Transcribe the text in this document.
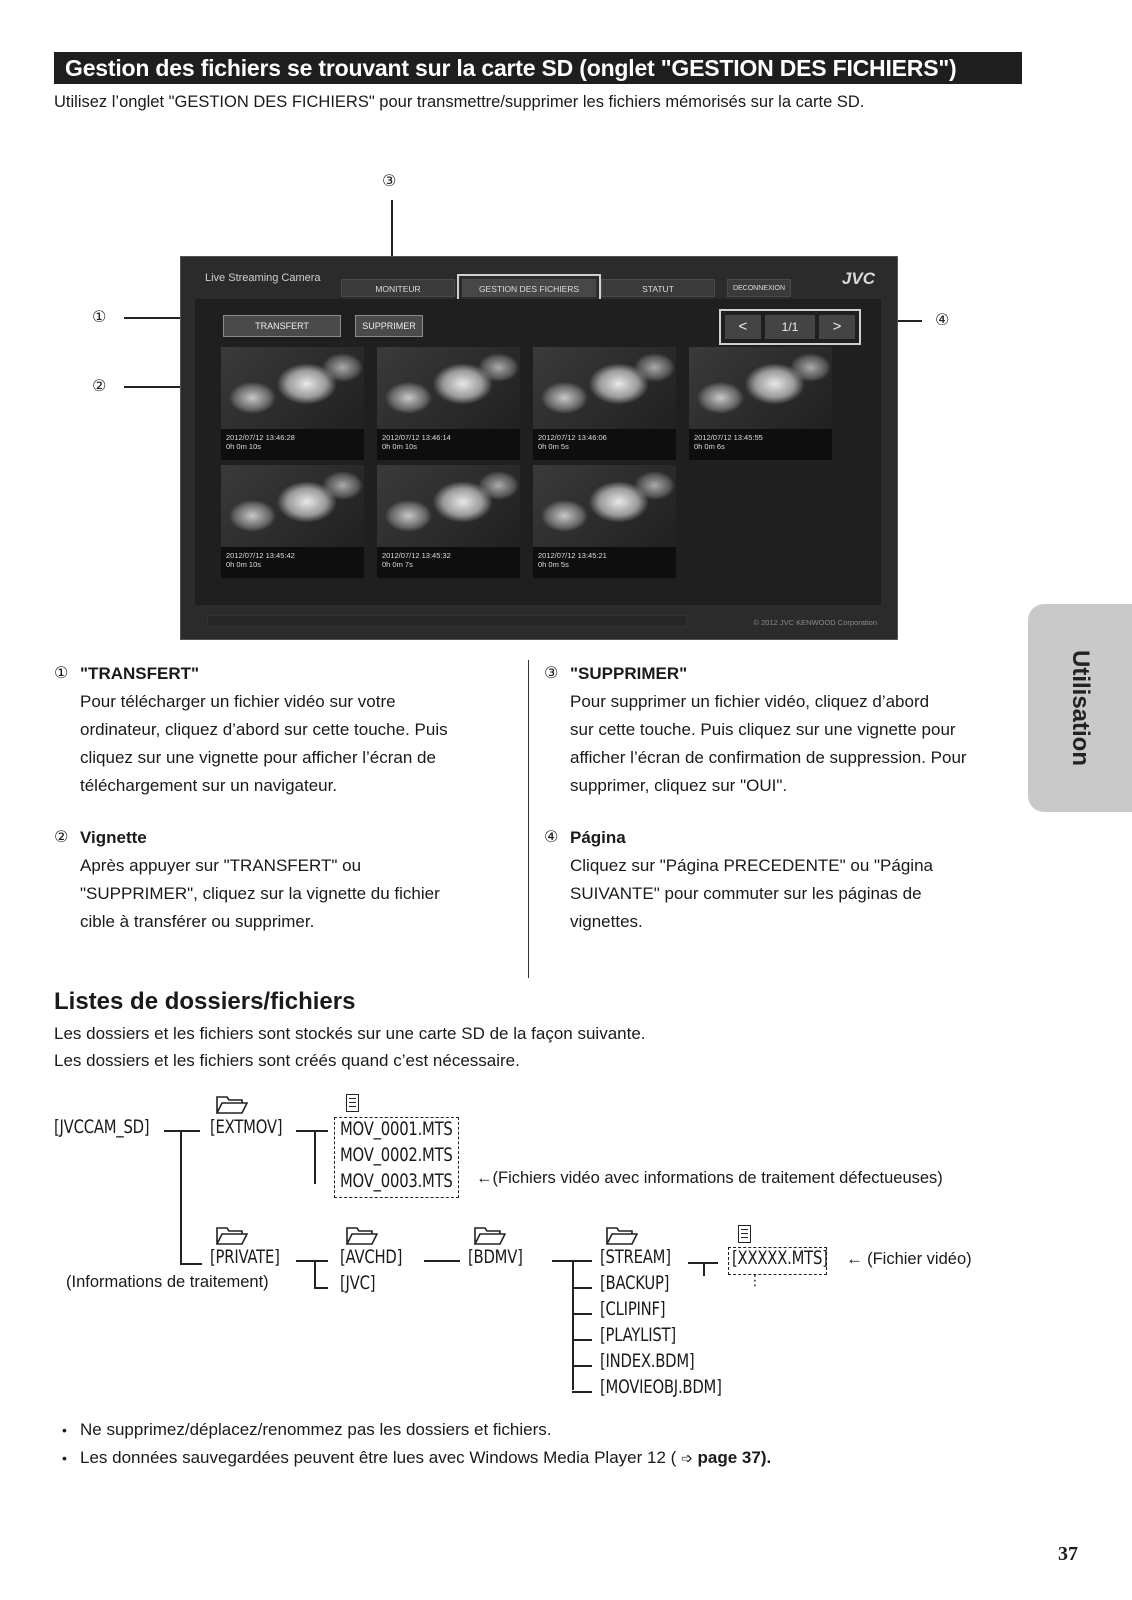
Gestion des fichiers se trouvant sur la carte SD (onglet "GESTION DES FICHIERS")
Utilisez l’onglet "GESTION DES FICHIERS" pour transmettre/supprimer les fichiers mémorisés sur la carte SD.
③
①
②
④
Live Streaming Camera
MONITEUR	GESTION DES FICHIERS	STATUT	DECONNEXION
JVC
TRANSFERT	SUPPRIMER	<	1/1	>
2012/07/12 13:46:28
0h 0m 10s
2012/07/12 13:46:14
0h 0m 10s
2012/07/12 13:46:06
0h 0m 5s
2012/07/12 13:45:55
0h 0m 6s
2012/07/12 13:45:42
0h 0m 10s
2012/07/12 13:45:32
0h 0m 7s
2012/07/12 13:45:21
0h 0m 5s
© 2012 JVC KENWOOD Corporation
① "TRANSFERT"
Pour télécharger un fichier vidéo sur votre
ordinateur, cliquez d’abord sur cette touche. Puis
cliquez sur une vignette pour afficher l’écran de
téléchargement sur un navigateur.
② Vignette
Après appuyer sur "TRANSFERT" ou
"SUPPRIMER", cliquez sur la vignette du fichier
cible à transférer ou supprimer.
③ "SUPPRIMER"
Pour supprimer un fichier vidéo, cliquez d’abord
sur cette touche. Puis cliquez sur une vignette pour
afficher l’écran de confirmation de suppression. Pour
supprimer, cliquez sur "OUI".
④ Página
Cliquez sur "Página PRECEDENTE" ou "Página
SUIVANTE" pour commuter sur les páginas de
vignettes.
Utilisation
Listes de dossiers/fichiers
Les dossiers et les fichiers sont stockés sur une carte SD de la façon suivante.
Les dossiers et les fichiers sont créés quand c’est nécessaire.
[JVCCAM_SD]	[EXTMOV]	MOV_0001.MTS
MOV_0002.MTS
MOV_0003.MTS ←(Fichiers vidéo avec informations de traitement défectueuses)
[PRIVATE]
(Informations de traitement)
[AVCHD]
[JVC]
[BDMV]	[STREAM]
[BACKUP]
[CLIPINF]
[PLAYLIST]
[INDEX.BDM]
[MOVIEOBJ.BDM]
[XXXXX.MTS]
⋮
← (Fichier vidéo)
• Ne supprimez/déplacez/renommez pas les dossiers et fichiers.
• Les données sauvegardées peuvent être lues avec Windows Media Player 12 ( ➩ page 37).
37
